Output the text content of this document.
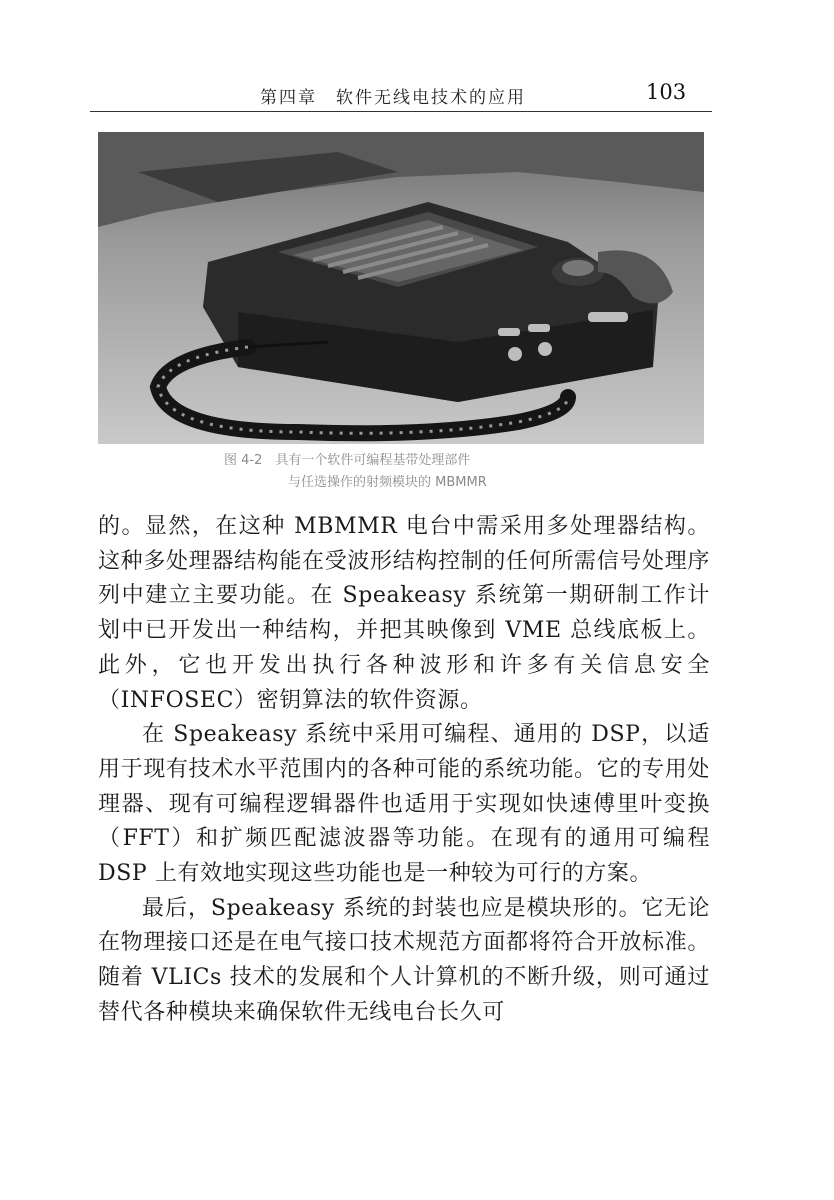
第四章　软件无线电技术的应用	103
图 4-2　具有一个软件可编程基带处理部件
与任选操作的射频模块的 MBMMR

的。显然，在这种 MBMMR 电台中需采用多处理器结构。这种多处理器结构能在受波形结构控制的任何所需信号处理序列中建立主要功能。在 Speakeasy 系统第一期研制工作计划中已开发出一种结构，并把其映像到 VME 总线底板上。此外，它也开发出执行各种波形和许多有关信息安全（INFOSEC）密钥算法的软件资源。

在 Speakeasy 系统中采用可编程、通用的 DSP，以适用于现有技术水平范围内的各种可能的系统功能。它的专用处理器、现有可编程逻辑器件也适用于实现如快速傅里叶变换（FFT）和扩频匹配滤波器等功能。在现有的通用可编程 DSP 上有效地实现这些功能也是一种较为可行的方案。

最后，Speakeasy 系统的封装也应是模块形的。它无论在物理接口还是在电气接口技术规范方面都将符合开放标准。随着 VLICs 技术的发展和个人计算机的不断升级，则可通过替代各种模块来确保软件无线电台长久可
